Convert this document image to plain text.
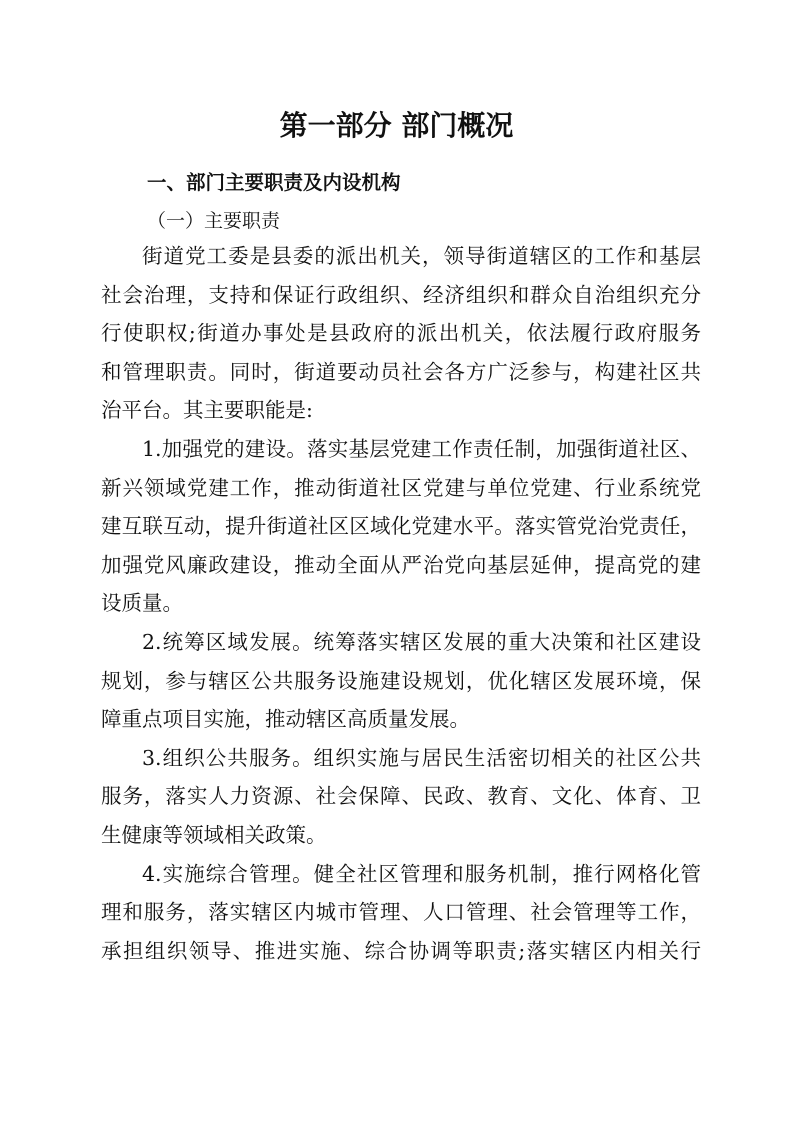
第一部分 部门概况
一、部门主要职责及内设机构
（一）主要职责
街道党工委是县委的派出机关，领导街道辖区的工作和基层
社会治理，支持和保证行政组织、经济组织和群众自治组织充分
行使职权;街道办事处是县政府的派出机关，依法履行政府服务
和管理职责。同时，街道要动员社会各方广泛参与，构建社区共
治平台。其主要职能是:
1.加强党的建设。落实基层党建工作责任制，加强街道社区、
新兴领域党建工作，推动街道社区党建与单位党建、行业系统党
建互联互动，提升街道社区区域化党建水平。落实管党治党责任，
加强党风廉政建设，推动全面从严治党向基层延伸，提高党的建
设质量。
2.统筹区域发展。统筹落实辖区发展的重大决策和社区建设
规划，参与辖区公共服务设施建设规划，优化辖区发展环境，保
障重点项目实施，推动辖区高质量发展。
3.组织公共服务。组织实施与居民生活密切相关的社区公共
服务，落实人力资源、社会保障、民政、教育、文化、体育、卫
生健康等领域相关政策。
4.实施综合管理。健全社区管理和服务机制，推行网格化管
理和服务，落实辖区内城市管理、人口管理、社会管理等工作，
承担组织领导、推进实施、综合协调等职责;落实辖区内相关行
